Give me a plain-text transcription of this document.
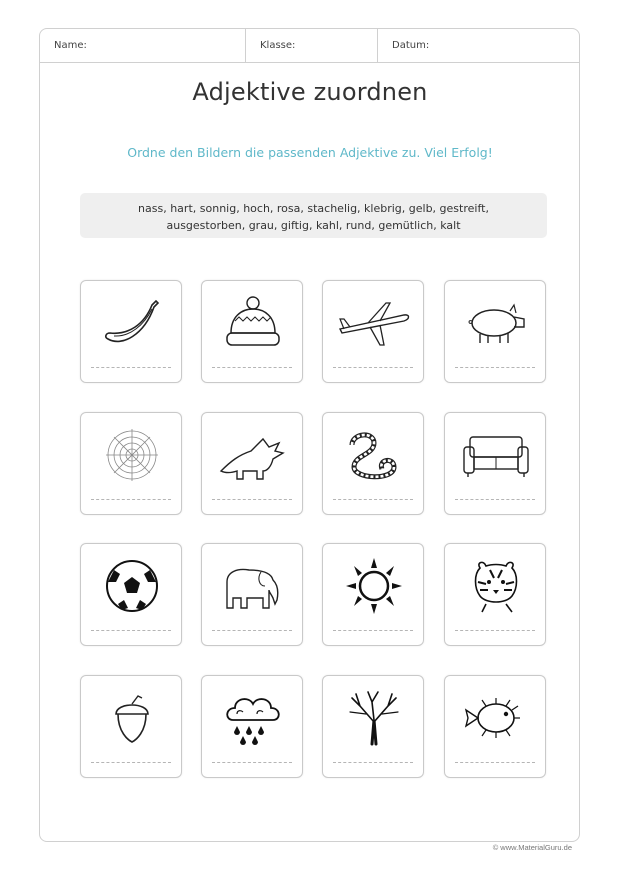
Name:	Klasse:	Datum:
Adjektive zuordnen
Ordne den Bildern die passenden Adjektive zu. Viel Erfolg!
nass, hart, sonnig, hoch, rosa, stachelig, klebrig, gelb, gestreift,
ausgestorben, grau, giftig, kahl, rund, gemütlich, kalt
© www.MaterialGuru.de
